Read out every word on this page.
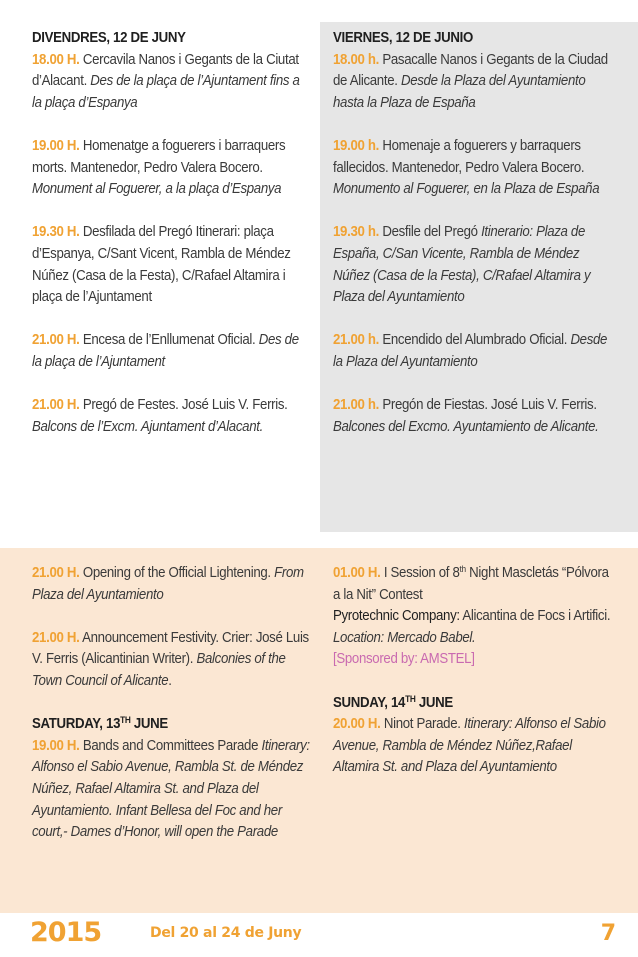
DIVENDRES, 12 DE JUNY
18.00 H. Cercavila Nanos i Gegants de la Ciutat d’Alacant. Des de la plaça de l’Ajuntament fins a la plaça d’Espanya
19.00 H. Homenatge a foguerers i barraquers morts. Mantenedor, Pedro Valera Bocero. Monument al Foguerer, a la plaça d’Espanya
19.30 H. Desfilada del Pregó Itinerari: plaça d’Espanya, C/Sant Vicent, Rambla de Méndez Núñez (Casa de la Festa), C/Rafael Altamira i plaça de l’Ajuntament
21.00 H. Encesa de l’Enllumenat Oficial. Des de la plaça de l’Ajuntament
21.00 H. Pregó de Festes. José Luis V. Ferris. Balcons de l’Excm. Ajuntament d’Alacant.
VIERNES, 12 DE JUNIO
18.00 h. Pasacalle Nanos i Gegants de la Ciudad de Alicante. Desde la Plaza del Ayuntamiento hasta la Plaza de España
19.00 h. Homenaje a foguerers y barraquers fallecidos. Mantenedor, Pedro Valera Bocero. Monumento al Foguerer, en la Plaza de España
19.30 h. Desfile del Pregó Itinerario: Plaza de España, C/San Vicente, Rambla de Méndez Núñez (Casa de la Festa), C/Rafael Altamira y Plaza del Ayuntamiento
21.00 h. Encendido del Alumbrado Oficial. Desde la Plaza del Ayuntamiento
21.00 h. Pregón de Fiestas. José Luis V. Ferris. Balcones del Excmo. Ayuntamiento de Alicante.
21.00 H. Opening of the Official Lightening. From Plaza del Ayuntamiento
21.00 H. Announcement Festivity. Crier: José Luis V. Ferris (Alicantinian Writer). Balconies of the Town Council of Alicante.
SATURDAY, 13TH JUNE
19.00 H. Bands and Committees Parade Itinerary: Alfonso el Sabio Avenue, Rambla St. de Méndez Núñez, Rafael Altamira St. and Plaza del Ayuntamiento. Infant Bellesa del Foc and her court,- Dames d’Honor, will open the Parade
01.00 H. I Session of 8th Night Mascletás “Pólvora a la Nit” Contest
Pyrotechnic Company: Alicantina de Focs i Artifici. Location: Mercado Babel.
[Sponsored by: AMSTEL]
SUNDAY, 14TH JUNE
20.00 H. Ninot Parade. Itinerary: Alfonso el Sabio Avenue, Rambla de Méndez Núñez,Rafael Altamira St. and Plaza del Ayuntamiento
2015	Del 20 al 24 de Juny	7
